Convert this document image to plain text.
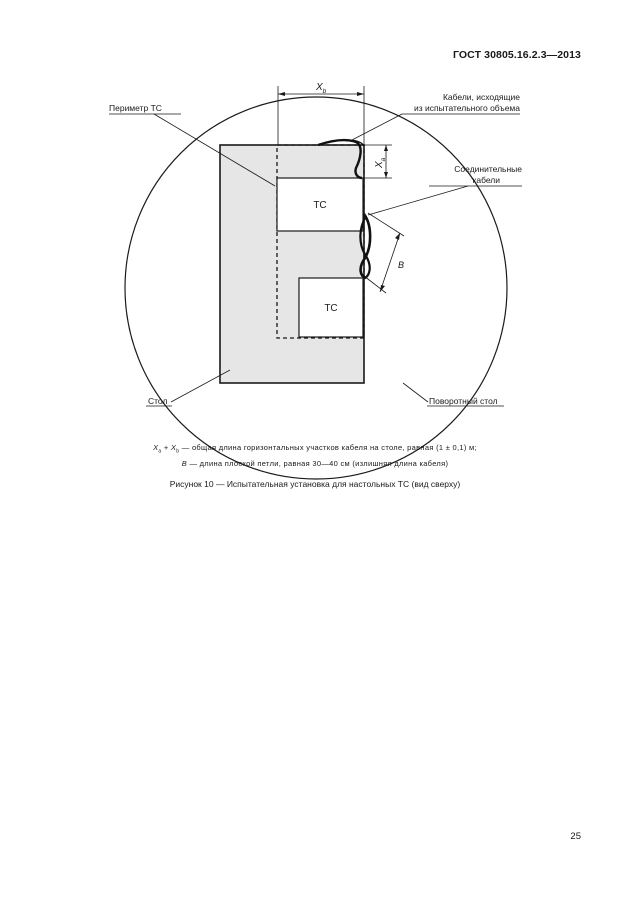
ГОСТ 30805.16.2.3—2013
Периметр ТС
Кабели, исходящие
из испытательного объема
Соединительные
кабели
ТС
ТС
Стол	Поворотный стол
$X_b$
$X_a$
B
$X_a + X_b$ — общая длина горизонтальных участков кабеля на столе, равная (1 ± 0,1) м;
B — длина плоской петли, равная 30—40 см (излишняя длина кабеля)
Рисунок 10 — Испытательная установка для настольных ТС (вид сверху)
25
